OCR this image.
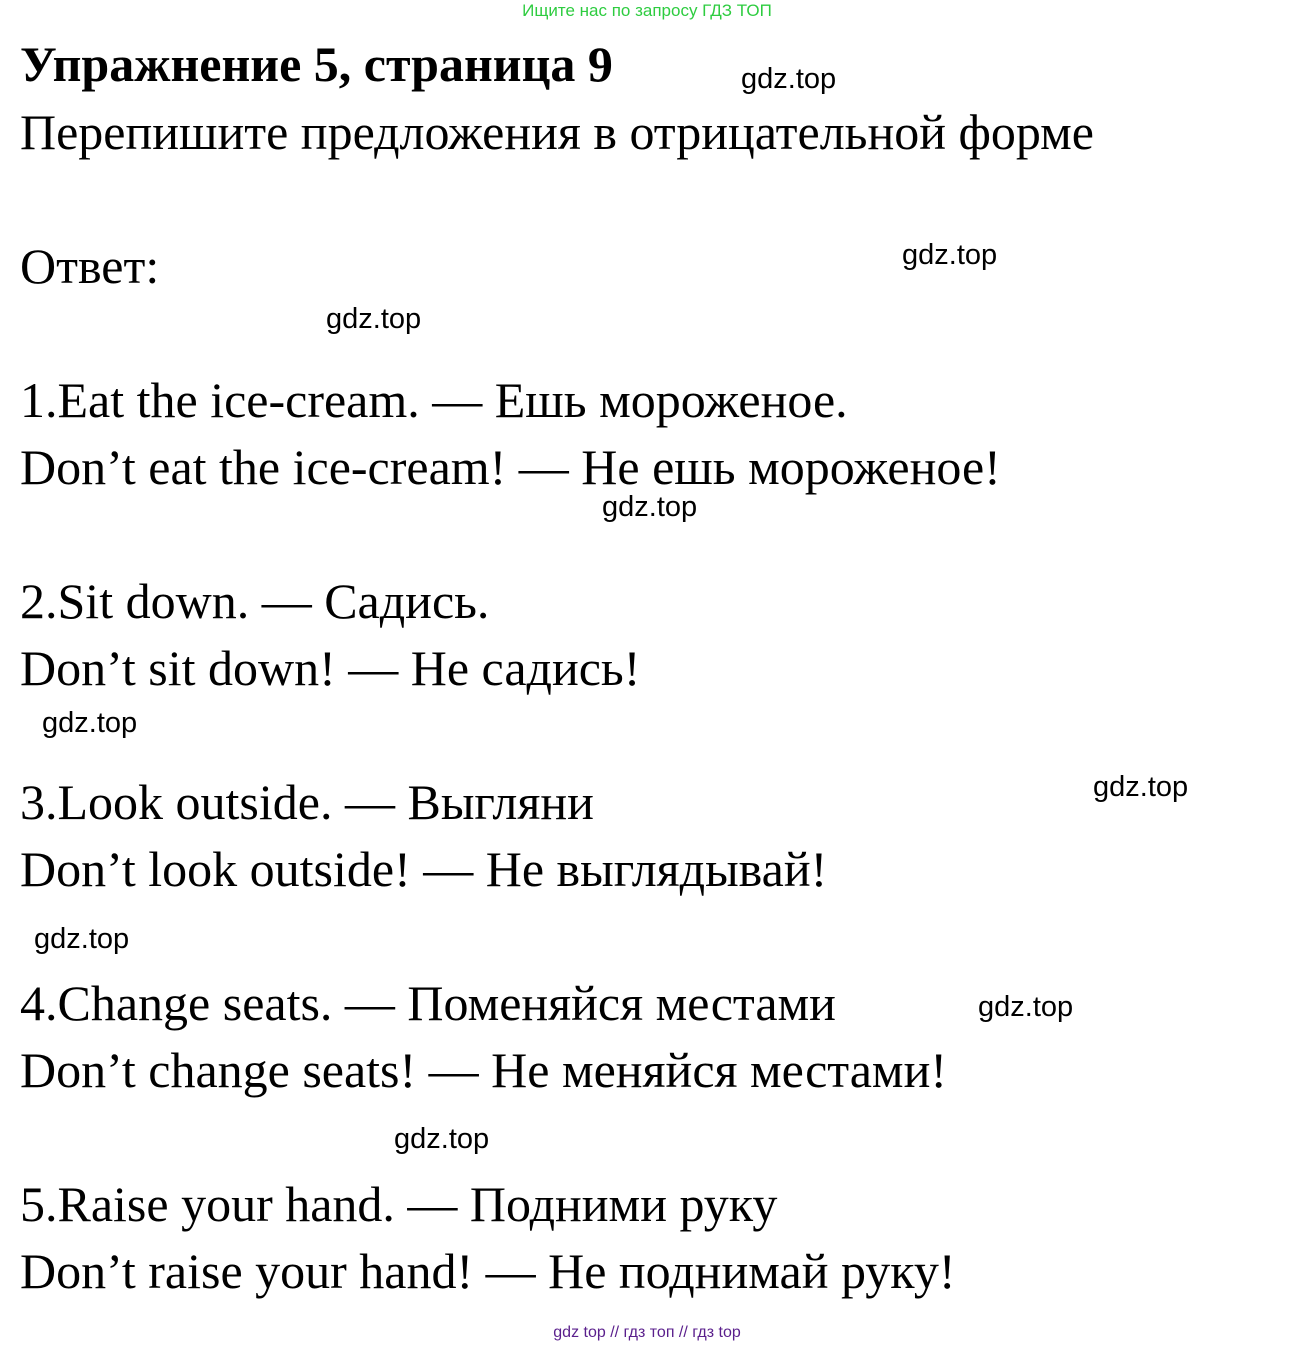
Ищите нас по запросу ГДЗ ТОП
Упражнение 5, страница 9	gdz.top
Перепишите предложения в отрицательной форме
Ответ:	gdz.top
gdz.top
1.Eat the ice-cream. — Ешь мороженое.
Don’t eat the ice-cream! — Не ешь мороженое!
gdz.top
2.Sit down. — Садись.
Don’t sit down! — Не садись!
gdz.top
3.Look outside. — Выгляни	gdz.top
Don’t look outside! — Не выглядывай!
gdz.top
4.Change seats. — Поменяйся местами	gdz.top
Don’t change seats! — Не меняйся местами!
gdz.top
5.Raise your hand. — Подними руку
Don’t raise your hand! — Не поднимай руку!
gdz top // гдз топ // гдз top
